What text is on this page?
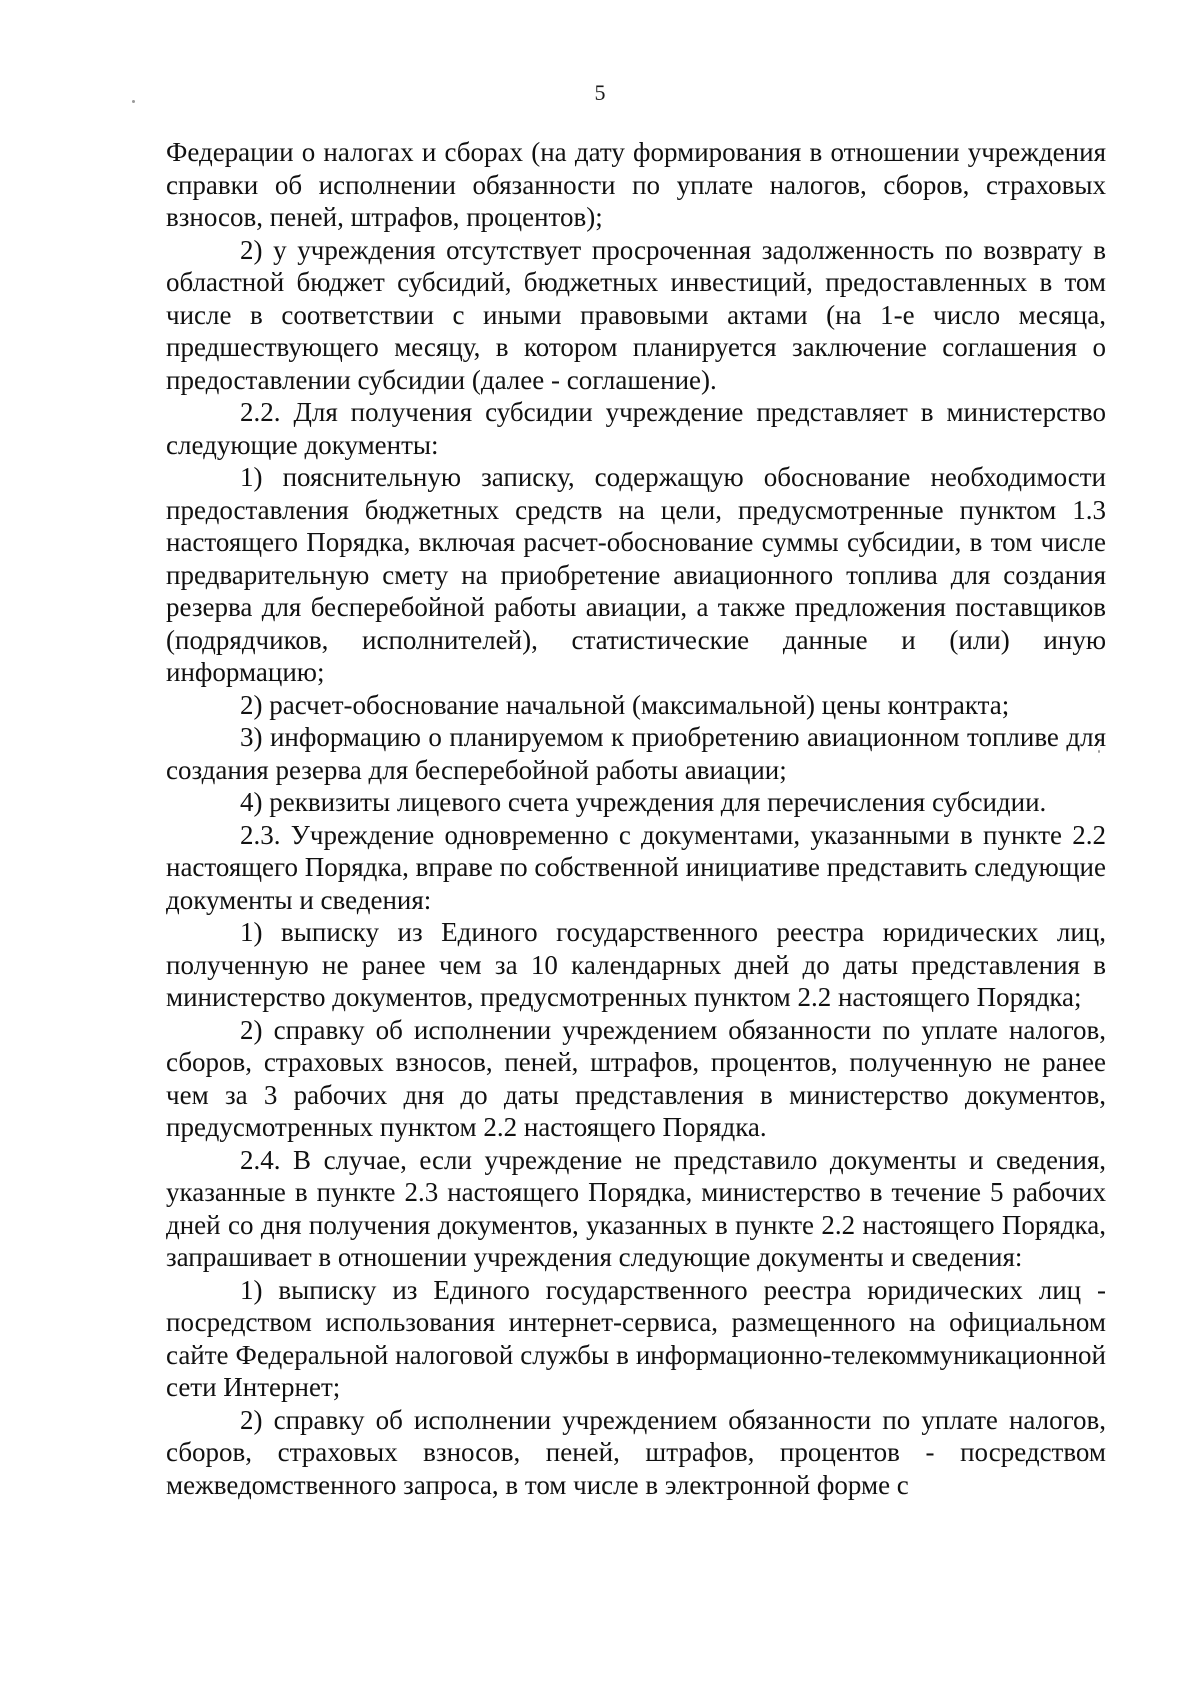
5

Федерации о налогах и сборах (на дату формирования в отношении учреждения справки об исполнении обязанности по уплате налогов, сборов, страховых взносов, пеней, штрафов, процентов);

2) у учреждения отсутствует просроченная задолженность по возврату в областной бюджет субсидий, бюджетных инвестиций, предоставленных в том числе в соответствии с иными правовыми актами (на 1-е число месяца, предшествующего месяцу, в котором планируется заключение соглашения о предоставлении субсидии (далее - соглашение).

2.2. Для получения субсидии учреждение представляет в министерство следующие документы:

1) пояснительную записку, содержащую обоснование необходимости предоставления бюджетных средств на цели, предусмотренные пунктом 1.3 настоящего Порядка, включая расчет-обоснование суммы субсидии, в том числе предварительную смету на приобретение авиационного топлива для создания резерва для бесперебойной работы авиации, а также предложения поставщиков (подрядчиков, исполнителей), статистические данные и (или) иную информацию;

2) расчет-обоснование начальной (максимальной) цены контракта;

3) информацию о планируемом к приобретению авиационном топливе для создания резерва для бесперебойной работы авиации;

4) реквизиты лицевого счета учреждения для перечисления субсидии.

2.3. Учреждение одновременно с документами, указанными в пункте 2.2 настоящего Порядка, вправе по собственной инициативе представить следующие документы и сведения:

1) выписку из Единого государственного реестра юридических лиц, полученную не ранее чем за 10 календарных дней до даты представления в министерство документов, предусмотренных пунктом 2.2 настоящего Порядка;

2) справку об исполнении учреждением обязанности по уплате налогов, сборов, страховых взносов, пеней, штрафов, процентов, полученную не ранее чем за 3 рабочих дня до даты представления в министерство документов, предусмотренных пунктом 2.2 настоящего Порядка.

2.4. В случае, если учреждение не представило документы и сведения, указанные в пункте 2.3 настоящего Порядка, министерство в течение 5 рабочих дней со дня получения документов, указанных в пункте 2.2 настоящего Порядка, запрашивает в отношении учреждения следующие документы и сведения:

1) выписку из Единого государственного реестра юридических лиц - посредством использования интернет-сервиса, размещенного на официальном сайте Федеральной налоговой службы в информационно-телекоммуникационной сети Интернет;

2) справку об исполнении учреждением обязанности по уплате налогов, сборов, страховых взносов, пеней, штрафов, процентов - посредством межведомственного запроса, в том числе в электронной форме с
